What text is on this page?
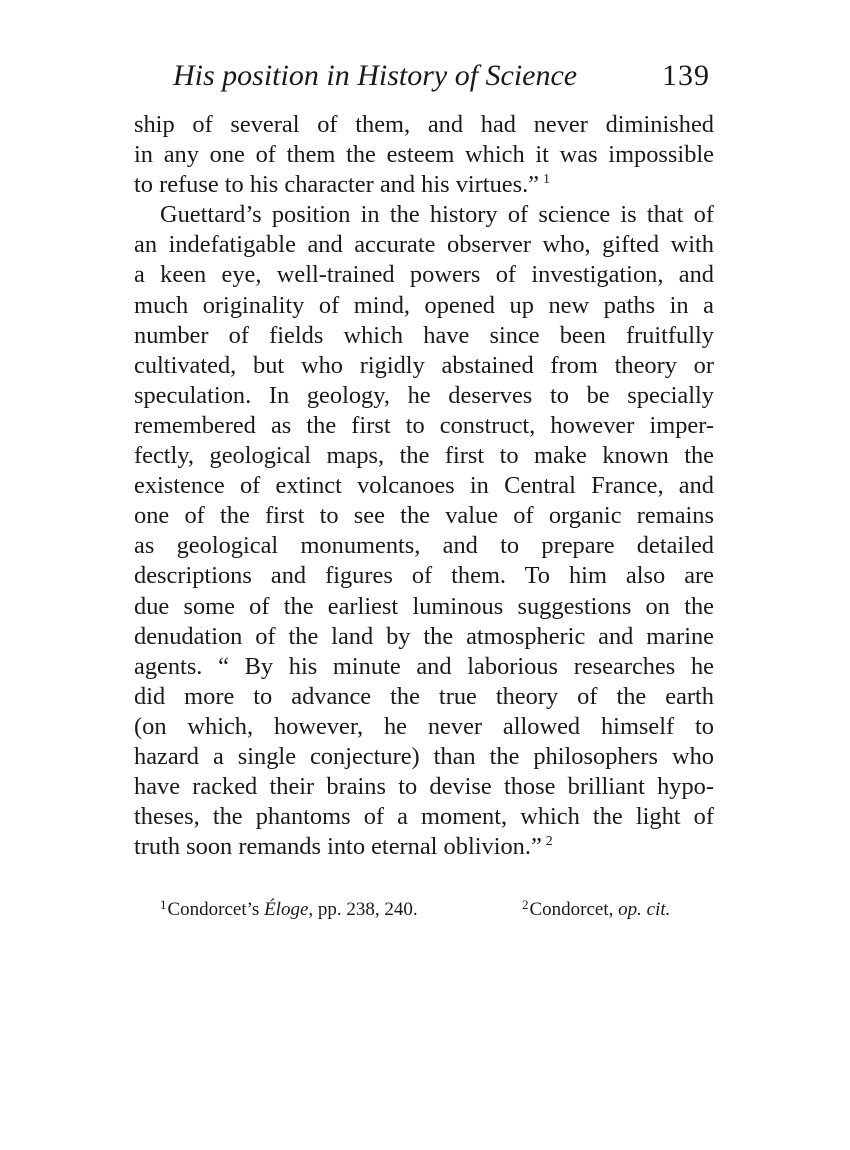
His position in History of Science	139
ship of several of them, and had never diminished
in any one of them the esteem which it was impossible
to refuse to his character and his virtues.” $^1$
Guettard’s position in the history of science is that of
an indefatigable and accurate observer who, gifted with
a keen eye, well-trained powers of investigation, and
much originality of mind, opened up new paths in a
number of fields which have since been fruitfully
cultivated, but who rigidly abstained from theory or
speculation. In geology, he deserves to be specially
remembered as the first to construct, however imper-
fectly, geological maps, the first to make known the
existence of extinct volcanoes in Central France, and
one of the first to see the value of organic remains
as geological monuments, and to prepare detailed
descriptions and figures of them. To him also are
due some of the earliest luminous suggestions on the
denudation of the land by the atmospheric and marine
agents. “ By his minute and laborious researches he
did more to advance the true theory of the earth
(on which, however, he never allowed himself to
hazard a single conjecture) than the philosophers who
have racked their brains to devise those brilliant hypo-
theses, the phantoms of a moment, which the light of
truth soon remands into eternal oblivion.” $^2$
$^1$Condorcet’s Éloge, pp. 238, 240.	$^2$Condorcet, op. cit.
